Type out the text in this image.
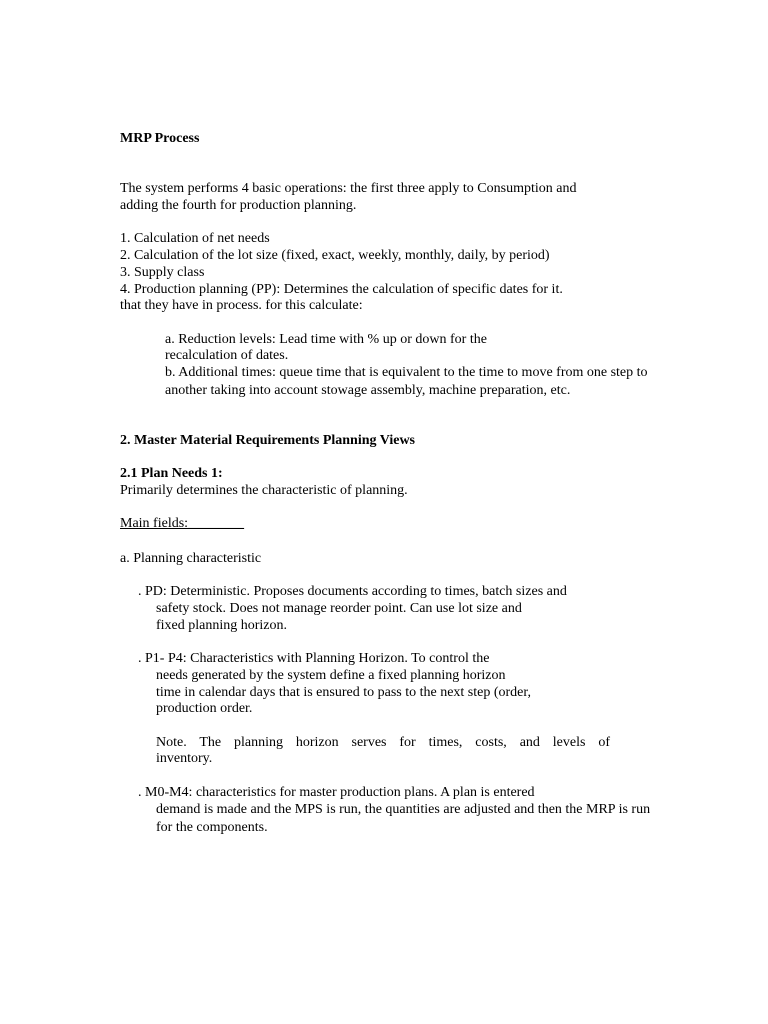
MRP Process
The system performs 4 basic operations: the first three apply to Consumption and
adding the fourth for production planning.
1. Calculation of net needs
2. Calculation of the lot size (fixed, exact, weekly, monthly, daily, by period)
3. Supply class
4. Production planning (PP): Determines the calculation of specific dates for it.
that they have in process. for this calculate:
a. Reduction levels: Lead time with % up or down for the
recalculation of dates.
b. Additional times: queue time that is equivalent to the time to move from one step to
another taking into account stowage assembly, machine preparation, etc.
2. Master Material Requirements Planning Views
2.1 Plan Needs 1:
Primarily determines the characteristic of planning.
Main fields:________
a. Planning characteristic
. PD: Deterministic. Proposes documents according to times, batch sizes and
safety stock. Does not manage reorder point. Can use lot size and
fixed planning horizon.
. P1- P4: Characteristics with Planning Horizon. To control the
needs generated by the system define a fixed planning horizon
time in calendar days that is ensured to pass to the next step (order,
production order.
Note. The planning horizon serves for times, costs, and levels of
inventory.
. M0-M4: characteristics for master production plans. A plan is entered
demand is made and the MPS is run, the quantities are adjusted and then the MRP is run
for the components.
